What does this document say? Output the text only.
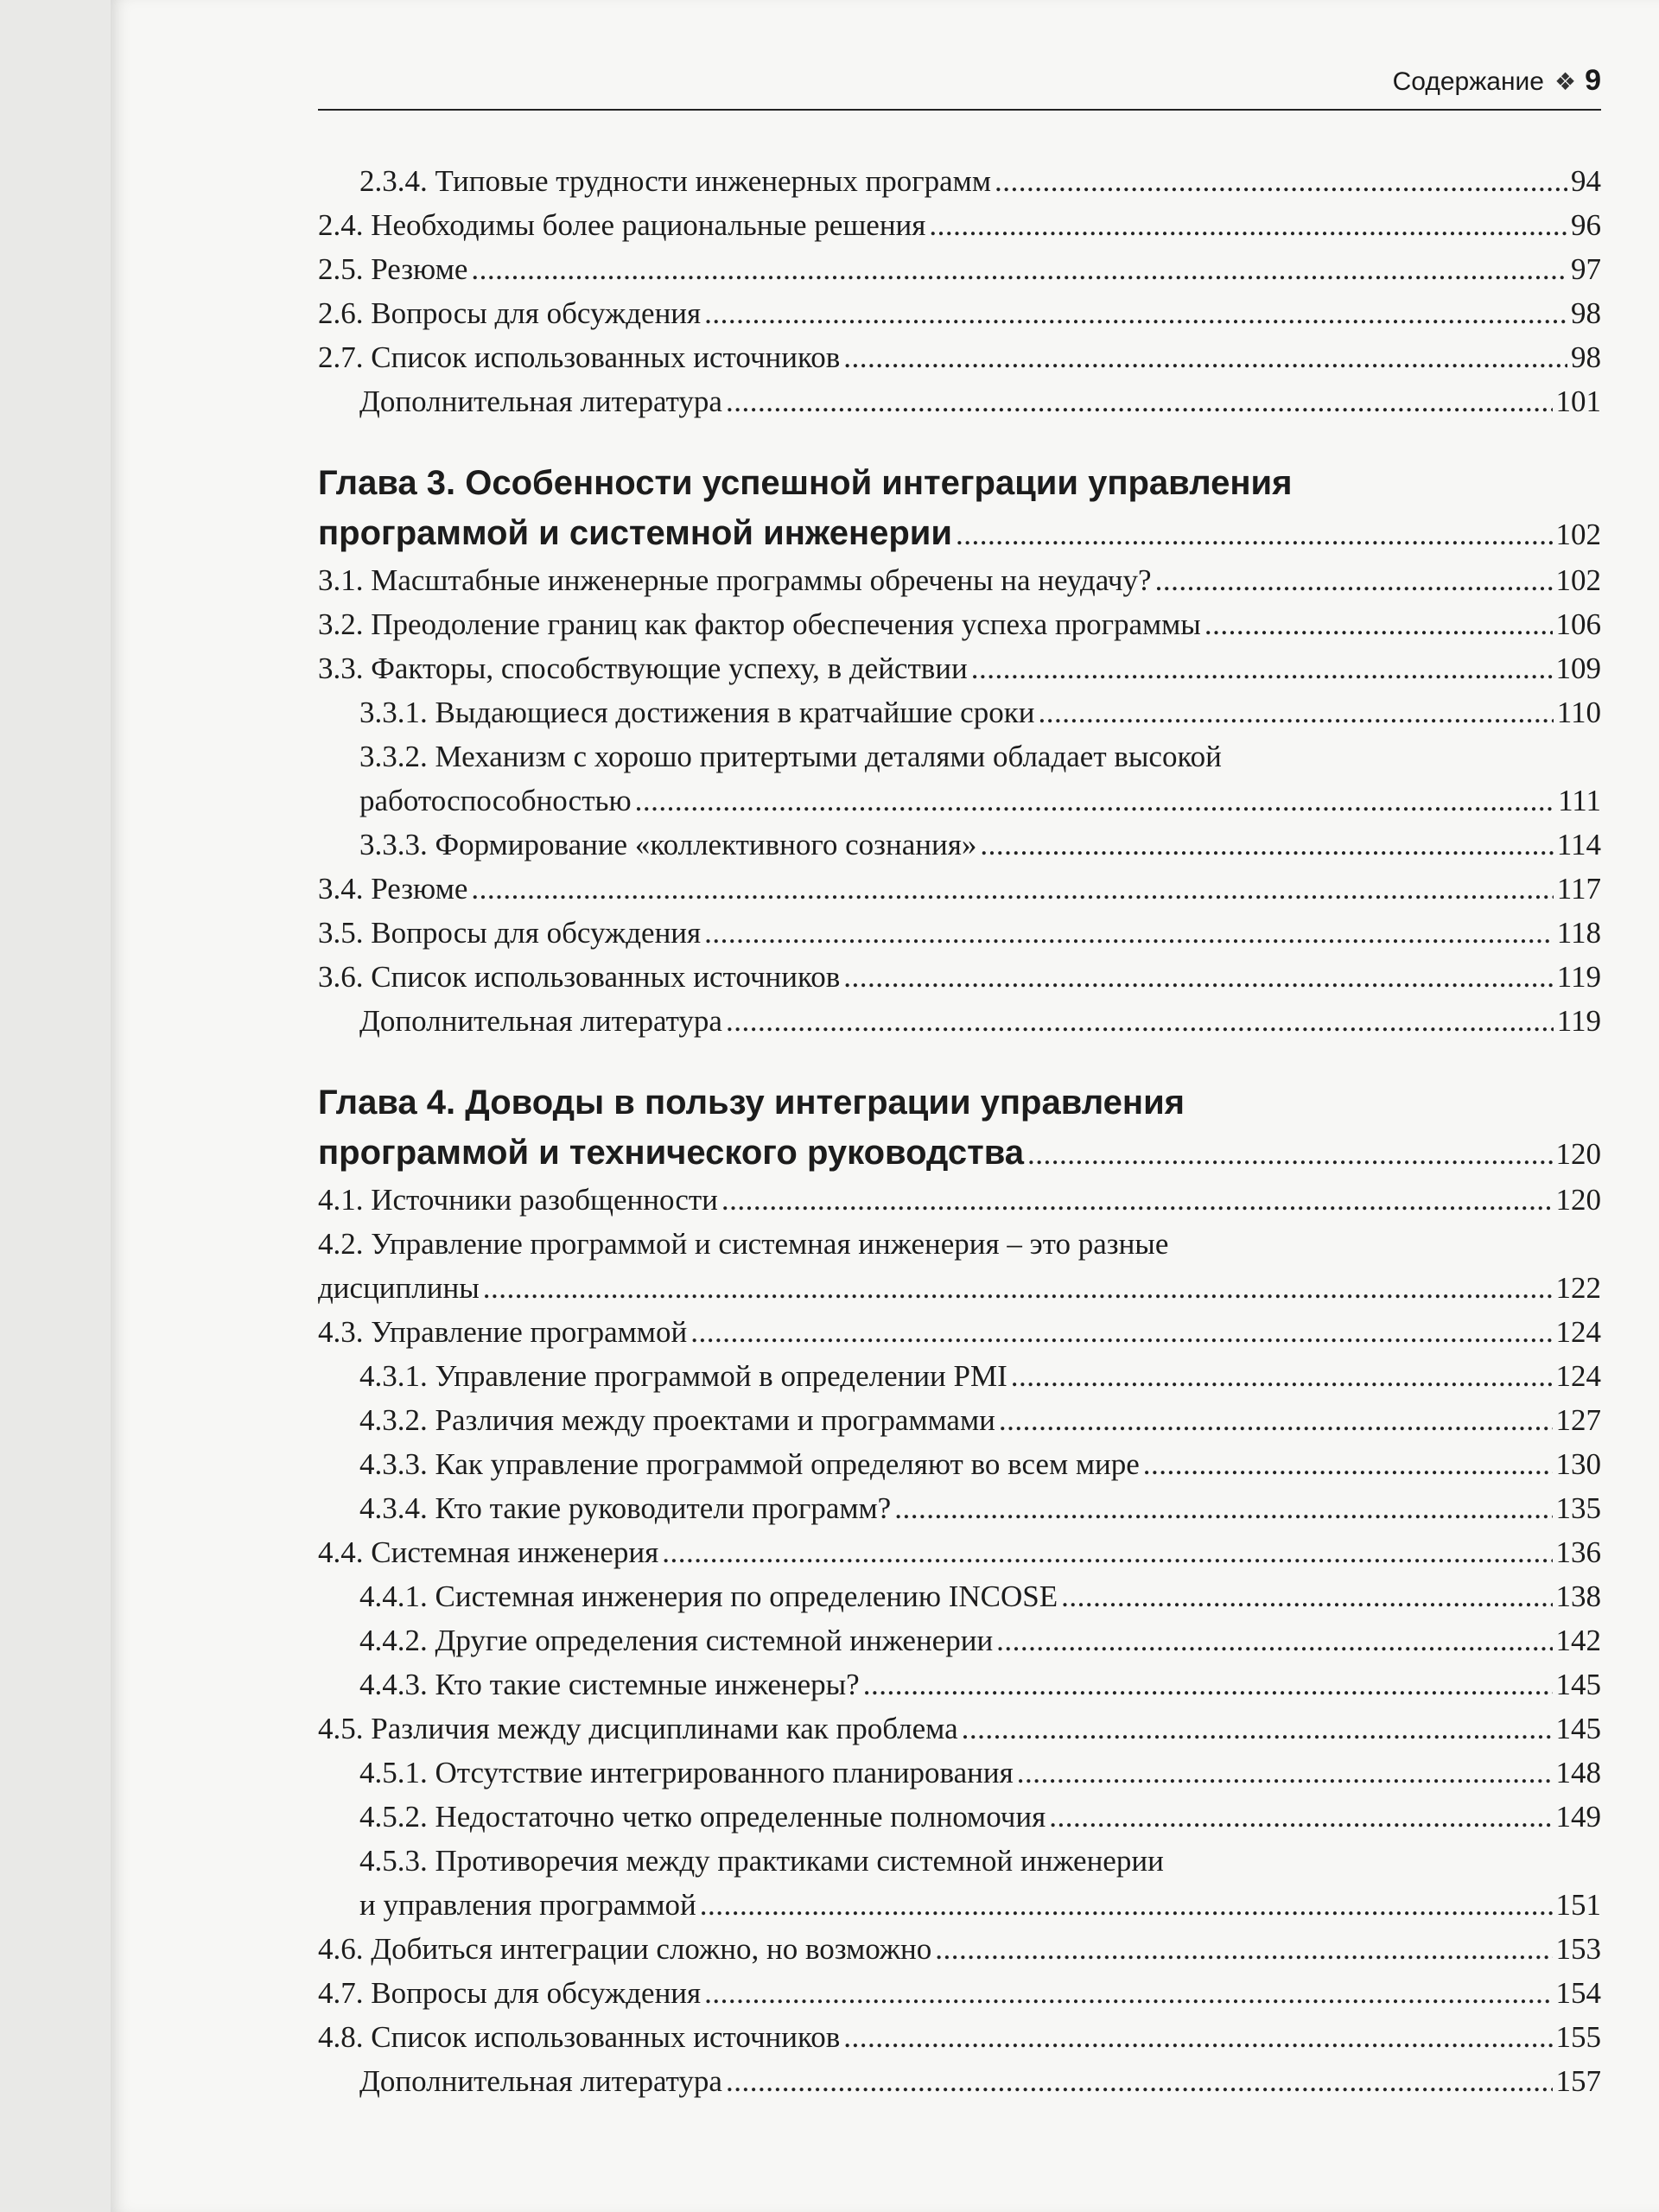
Содержание ❖ 9
2.3.4. Типовые трудности инженерных программ .....	94
2.4. Необходимы более рациональные решения .....	96
2.5. Резюме .....	97
2.6. Вопросы для обсуждения .....	98
2.7. Список использованных источников .....	98
Дополнительная литература .....	101
Глава 3. Особенности успешной интеграции управления
программой и системной инженерии .....	102
3.1. Масштабные инженерные программы обречены на неудачу? .....	102
3.2. Преодоление границ как фактор обеспечения успеха программы .....	106
3.3. Факторы, способствующие успеху, в действии .....	109
3.3.1. Выдающиеся достижения в кратчайшие сроки .....	110
3.3.2. Механизм с хорошо притертыми деталями обладает высокой
работоспособностью .....	111
3.3.3. Формирование «коллективного сознания» .....	114
3.4. Резюме .....	117
3.5. Вопросы для обсуждения .....	118
3.6. Список использованных источников .....	119
Дополнительная литература .....	119
Глава 4. Доводы в пользу интеграции управления
программой и технического руководства .....	120
4.1. Источники разобщенности .....	120
4.2. Управление программой и системная инженерия – это разные
дисциплины .....	122
4.3. Управление программой .....	124
4.3.1. Управление программой в определении PMI .....	124
4.3.2. Различия между проектами и программами .....	127
4.3.3. Как управление программой определяют во всем мире .....	130
4.3.4. Кто такие руководители программ? .....	135
4.4. Системная инженерия .....	136
4.4.1. Системная инженерия по определению INCOSE .....	138
4.4.2. Другие определения системной инженерии .....	142
4.4.3. Кто такие системные инженеры? .....	145
4.5. Различия между дисциплинами как проблема .....	145
4.5.1. Отсутствие интегрированного планирования .....	148
4.5.2. Недостаточно четко определенные полномочия .....	149
4.5.3. Противоречия между практиками системной инженерии
и управления программой .....	151
4.6. Добиться интеграции сложно, но возможно .....	153
4.7. Вопросы для обсуждения .....	154
4.8. Список использованных источников .....	155
Дополнительная литература .....	157
